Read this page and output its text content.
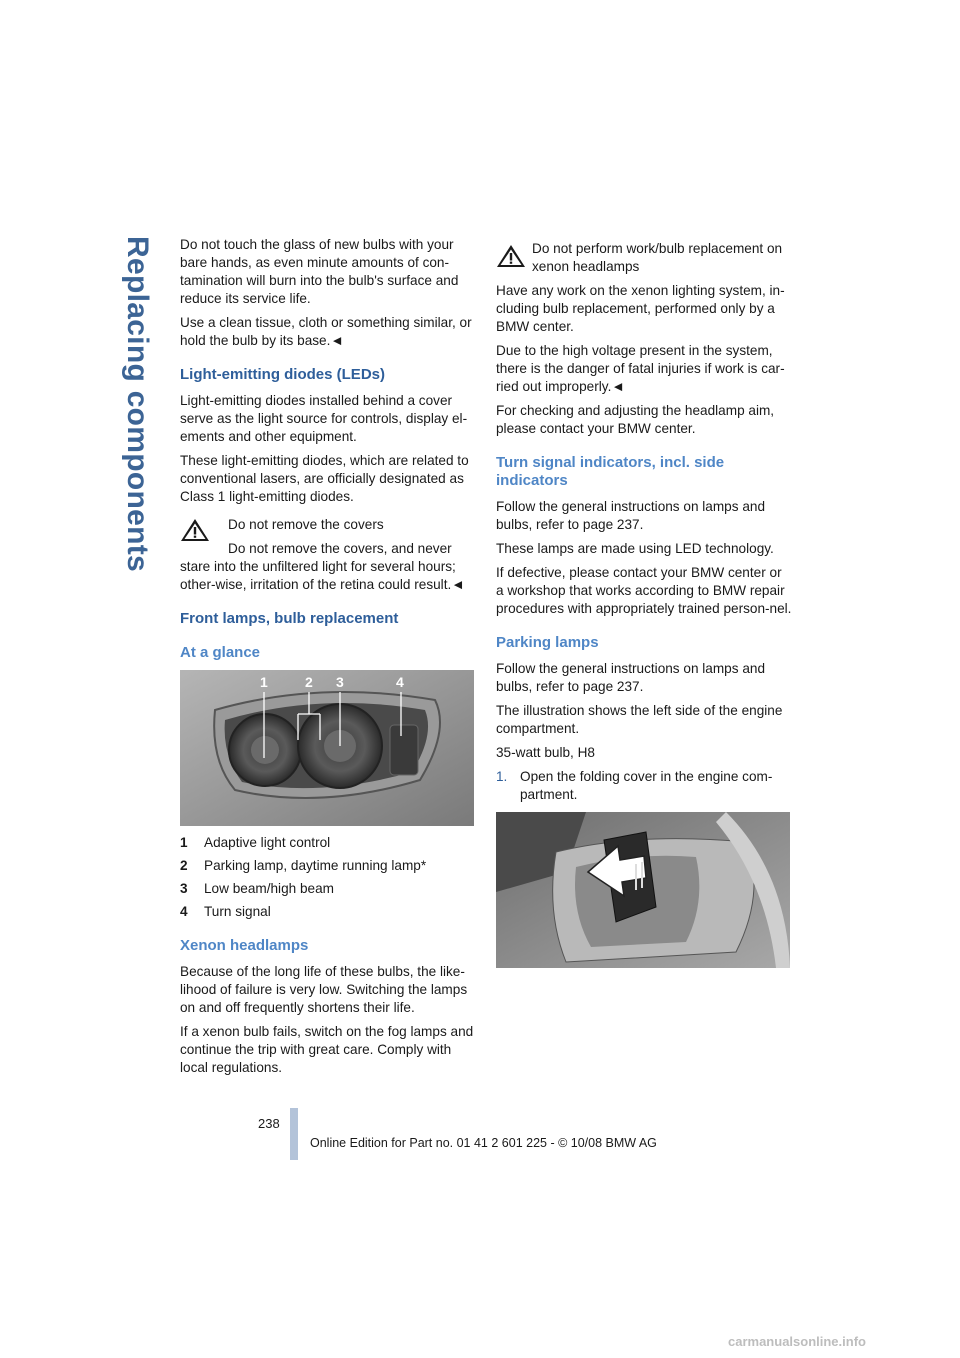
Replacing components Do not touch the glass of new bulbs with your bare hands, as even minute amounts of con-tamination will burn into the bulb's surface and reduce its service life.

Use a clean tissue, cloth or something similar, or hold the bulb by its base.◄

Light-emitting diodes (LEDs)

Light-emitting diodes installed behind a cover serve as the light source for controls, display el-ements and other equipment.

These light-emitting diodes, which are related to conventional lasers, are officially designated as Class 1 light-emitting diodes.

Do not remove the covers

Do not remove the covers, and never stare into the unfiltered light for several hours; other-wise, irritation of the retina could result.◄

Front lamps, bulb replacement
At a glance
1	2 3	4
1 Adaptive light control
2 Parking lamp, daytime running lamp*
3 Low beam/high beam
4 Turn signal
Xenon headlamps

Because of the long life of these bulbs, the like-lihood of failure is very low. Switching the lamps on and off frequently shortens their life.

If a xenon bulb fails, switch on the fog lamps and continue the trip with great care. Comply with local regulations.

Do not perform work/bulb replacement on xenon headlamps

Have any work on the xenon lighting system, in-cluding bulb replacement, performed only by a BMW center.

Due to the high voltage present in the system, there is the danger of fatal injuries if work is car-ried out improperly.◄

For checking and adjusting the headlamp aim, please contact your BMW center.

Turn signal indicators, incl. side indicators

Follow the general instructions on lamps and bulbs, refer to page 237.

These lamps are made using LED technology.

If defective, please contact your BMW center or a workshop that works according to BMW repair procedures with appropriately trained person-nel.

Parking lamps

Follow the general instructions on lamps and bulbs, refer to page 237.

The illustration shows the left side of the engine compartment.

35-watt bulb, H8

1. Open the folding cover in the engine com-partment.
238
Online Edition for Part no. 01 41 2 601 225 - © 10/08 BMW AG
carmanualsonline.info
